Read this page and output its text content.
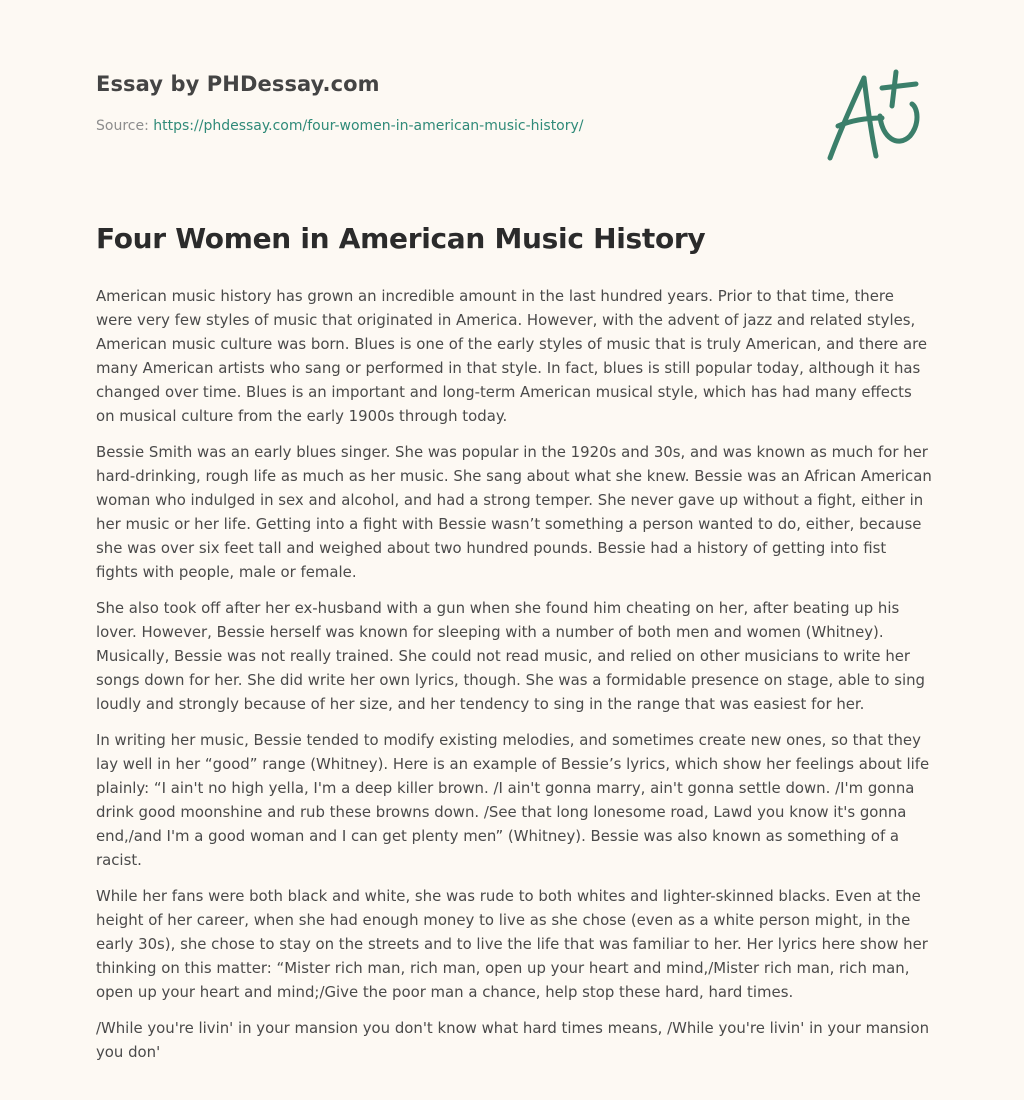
Essay by PHDessay.com
Source: https://phdessay.com/four-women-in-american-music-history/
Four Women in American Music History

American music history has grown an incredible amount in the last hundred years. Prior to that time, there were very few styles of music that originated in America. However, with the advent of jazz and related styles, American music culture was born. Blues is one of the early styles of music that is truly American, and there are many American artists who sang or performed in that style. In fact, blues is still popular today, although it has changed over time. Blues is an important and long-term American musical style, which has had many effects on musical culture from the early 1900s through today.

Bessie Smith was an early blues singer. She was popular in the 1920s and 30s, and was known as much for her hard-drinking, rough life as much as her music. She sang about what she knew. Bessie was an African American woman who indulged in sex and alcohol, and had a strong temper. She never gave up without a fight, either in her music or her life. Getting into a fight with Bessie wasn’t something a person wanted to do, either, because she was over six feet tall and weighed about two hundred pounds. Bessie had a history of getting into fist fights with people, male or female.

She also took off after her ex-husband with a gun when she found him cheating on her, after beating up his lover. However, Bessie herself was known for sleeping with a number of both men and women (Whitney). Musically, Bessie was not really trained. She could not read music, and relied on other musicians to write her songs down for her. She did write her own lyrics, though. She was a formidable presence on stage, able to sing loudly and strongly because of her size, and her tendency to sing in the range that was easiest for her.

In writing her music, Bessie tended to modify existing melodies, and sometimes create new ones, so that they lay well in her “good” range (Whitney). Here is an example of Bessie’s lyrics, which show her feelings about life plainly: “I ain't no high yella, I'm a deep killer brown. /I ain't gonna marry, ain't gonna settle down. /I'm gonna drink good moonshine and rub these browns down. /See that long lonesome road, Lawd you know it's gonna end,/and I'm a good woman and I can get plenty men” (Whitney). Bessie was also known as something of a racist.

While her fans were both black and white, she was rude to both whites and lighter-skinned blacks. Even at the height of her career, when she had enough money to live as she chose (even as a white person might, in the early 30s), she chose to stay on the streets and to live the life that was familiar to her. Her lyrics here show her thinking on this matter: “Mister rich man, rich man, open up your heart and mind,/Mister rich man, rich man, open up your heart and mind;/Give the poor man a chance, help stop these hard, hard times.

/While you're livin' in your mansion you don't know what hard times means, /While you're livin' in your mansion you don'
